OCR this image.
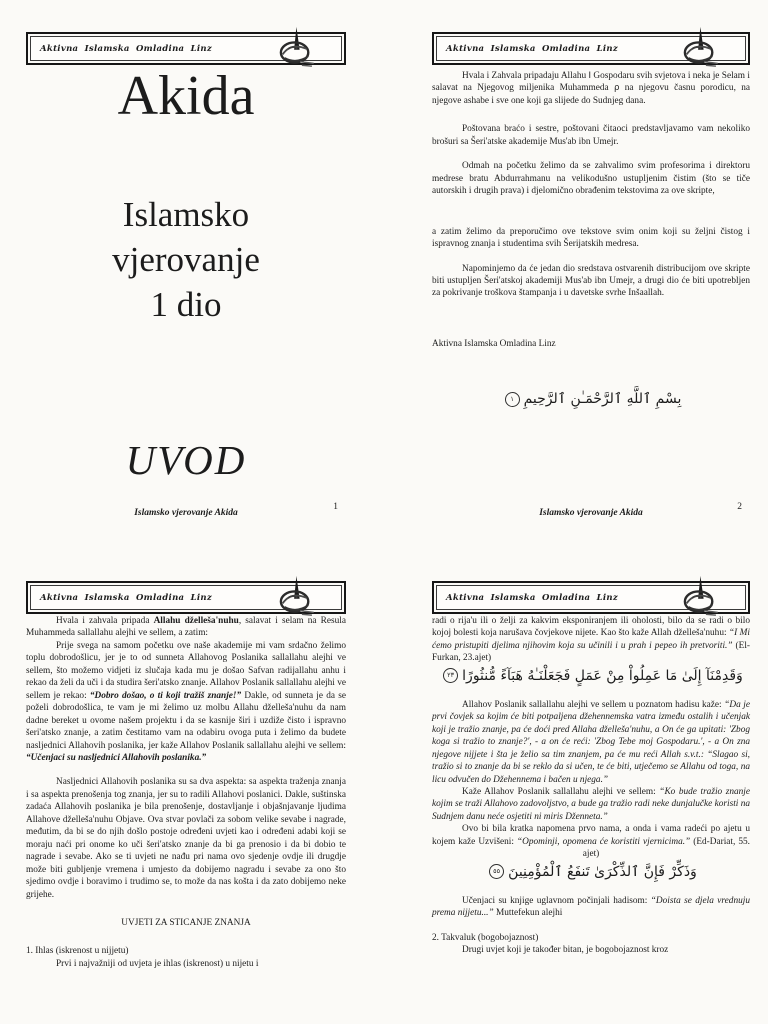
Aktivna Islamska Omladina Linz
Akida
Islamsko
vjerovanje
1 dio
UVOD
Islamsko vjerovanje Akida
1
Aktivna Islamska Omladina Linz

Hvala i Zahvala pripadaju Allahu I Gospodaru svih svjetova i neka je Selam i salavat na Njegovog miljenika Muhammeda ρ na njegovu časnu porodicu, na njegove ashabe i sve one koji ga slijede do Sudnjeg dana.

Poštovana braćo i sestre, poštovani čitaoci predstavljavamo vam nekoliko brošuri sa Šeri'atske akademije Mus'ab ibn Umejr.

Odmah na početku želimo da se zahvalimo svim profesorima i direktoru medrese bratu Abdurrahmanu na velikodušno ustupljenim čistim (što se tiče autorskih i drugih prava) i djelomično obrađenim tekstovima za ove skripte,

a zatim želimo da preporučimo ove tekstove svim onim koji su željni čistog i ispravnog znanja i studentima svih Šerijatskih medresa.

Napominjemo da će jedan dio sredstava ostvarenih distribucijom ove skripte biti ustupljen Šeri'atskoj akademiji Mus'ab ibn Umejr, a drugi dio će biti upotrebljen za pokrivanje troškova štampanja i u davetske svrhe Inšaallah.

Aktivna Islamska Omladina Linz

بِسْمِ ٱللَّهِ ٱلرَّحْمَـٰنِ ٱلرَّحِيمِ١

Islamsko vjerovanje Akida
2
Aktivna Islamska Omladina Linz

Hvala i zahvala pripada Allahu dželleša'nuhu, salavat i selam na Resula Muhammeda sallallahu alejhi ve sellem, a zatim:

Prije svega na samom početku ove naše akademije mi vam srdačno želimo toplu dobrodošlicu, jer je to od sunneta Allahovog Poslanika sallallahu alejhi ve sellem, što možemo vidjeti iz slučaja kada mu je došao Safvan radijallahu anhu i rekao da želi da uči i da studira šeri'atsko znanje. Allahov Poslanik sallallahu alejhi ve sellem je rekao: “Dobro došao, o ti koji tražiš znanje!” Dakle, od sunneta je da se poželi dobrodošlica, te vam je mi želimo uz molbu Allahu dželleša'nuhu da nam dadne bereket u ovome našem projektu i da se kasnije širi i uzdiže čisto i ispravno šeri'atsko znanje, a zatim čestitamo vam na odabiru ovoga puta i želimo da budete nasljednici Allahovih poslanika, jer kaže Allahov Poslanik sallallahu alejhi ve sellem: “Učenjaci su nasljednici Allahovih poslanika.”

Nasljednici Allahovih poslanika su sa dva aspekta: sa aspekta traženja znanja i sa aspekta prenošenja tog znanja, jer su to radili Allahovi poslanici. Dakle, suštinska zadaća Allahovih poslanika je bila prenošenje, dostavljanje i objašnjavanje ljudima Allahove dželleša'nuhu Objave. Ova stvar povlači za sobom velike sevabe i nagrade, međutim, da bi se do njih došlo postoje određeni uvjeti kao i određeni adabi koji se moraju naći pri onome ko uči šeri'atsko znanje da bi ga prenosio i da bi dobio te nagrade i sevabe. Ako se ti uvjeti ne nađu pri nama ovo sjedenje ovdje ili drugdje može biti gubljenje vremena i umjesto da dobijemo nagradu i sevabe za ono što sjedimo ovdje i boravimo i trudimo se, to može da nas košta i da zato dobijemo neke grijehe.

UVJETI ZA STICANJE ZNANJA

1. Ihlas (iskrenost u nijjetu)

Prvi i najvažniji od uvjeta je ihlas (iskrenost) u nijetu i

Aktivna Islamska Omladina Linz

radi o rija'u ili o želji za kakvim eksponiranjem ili oholosti, bilo da se radi o bilo kojoj bolesti koja narušava čovjekove nijete. Kao što kaže Allah dželleša'nuhu: “I Mi ćemo pristupiti djelima njihovim koja su učinili i u prah i pepeo ih pretvoriti.” (El-Furkan, 23.ajet)

وَقَدِمْنَآ إِلَىٰ مَا عَمِلُواْ مِنْ عَمَلٍ فَجَعَلْنَـٰهُ هَبَآءً مُّنثُورًا٢٣

Allahov Poslanik sallallahu alejhi ve sellem u poznatom hadisu kaže: “Da je prvi čovjek sa kojim će biti potpaljena džehennemska vatra između ostalih i učenjak koji je tražio znanje, pa će doći pred Allaha dželleša'nuhu, a On će ga upitati: 'Zbog koga si tražio to znanje?', - a on će reći: 'Zbog Tebe moj Gospodaru.', - a On zna njegove nijjete i šta je želio sa tim znanjem, pa će mu reći Allah s.v.t.: “Slagao si, tražio si to znanje da bi se reklo da si učen, te će biti, utječemo se Allahu od toga, na licu odvučen do Džehennema i bačen u njega.”

Kaže Allahov Poslanik sallallahu alejhi ve sellem: “Ko bude tražio znanje kojim se traži Allahovo zadovoljstvo, a bude ga tražio radi neke dunjalučke koristi na Sudnjem danu neće osjetiti ni miris Dženneta.”

Ovo bi bila kratka napomena prvo nama, a onda i vama radeći po ajetu u kojem kaže Uzvišeni: “Opominji, opomena će koristiti vjernicima.” (Ed-Dariat, 55. ajet)

وَذَكِّرْ فَإِنَّ ٱلذِّكْرَىٰ تَنفَعُ ٱلْمُؤْمِنِينَ٥٥

Učenjaci su knjige uglavnom počinjali hadisom: “Doista se djela vrednuju prema nijjetu...” Muttefekun alejhi

2. Takvaluk (bogobojaznost)

Drugi uvjet koji je također bitan, je bogobojaznost kroz
